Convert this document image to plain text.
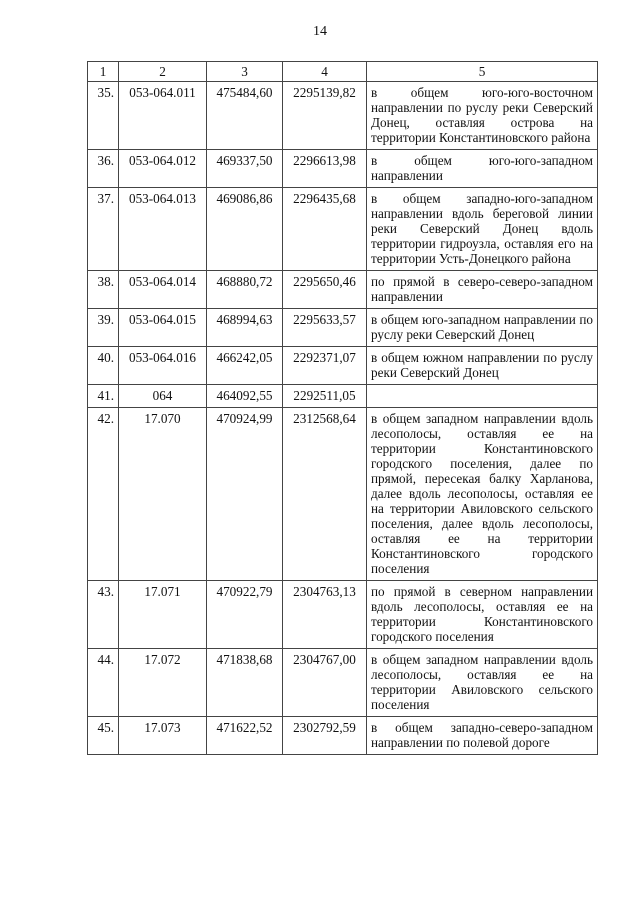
14
1	2	3	4	5
35.	053-064.011	475484,60	2295139,82	в общем юго-юго-восточном направлении по руслу реки Северский Донец, оставляя острова на территории Константиновского района
36.	053-064.012	469337,50	2296613,98	в общем юго-юго-западном направлении
37.	053-064.013	469086,86	2296435,68	в общем западно-юго-западном направлении вдоль береговой линии реки Северский Донец вдоль территории гидроузла, оставляя его на территории Усть-Донецкого района
38.	053-064.014	468880,72	2295650,46	по прямой в северо-северо-западном направлении
39.	053-064.015	468994,63	2295633,57	в общем юго-западном направлении по руслу реки Северский Донец
40.	053-064.016	466242,05	2292371,07	в общем южном направлении по руслу реки Северский Донец
41.	064	464092,55	2292511,05	
42.	17.070	470924,99	2312568,64	в общем западном направлении вдоль лесополосы, оставляя ее на территории Константиновского городского поселения, далее по прямой, пересекая балку Харланова, далее вдоль лесополосы, оставляя ее на территории Авиловского сельского поселения, далее вдоль лесополосы, оставляя ее на территории Константиновского городского поселения
43.	17.071	470922,79	2304763,13	по прямой в северном направлении вдоль лесополосы, оставляя ее на территории Константиновского городского поселения
44.	17.072	471838,68	2304767,00	в общем западном направлении вдоль лесополосы, оставляя ее на территории Авиловского сельского поселения
45.	17.073	471622,52	2302792,59	в общем западно-северо-западном направлении по полевой дороге
